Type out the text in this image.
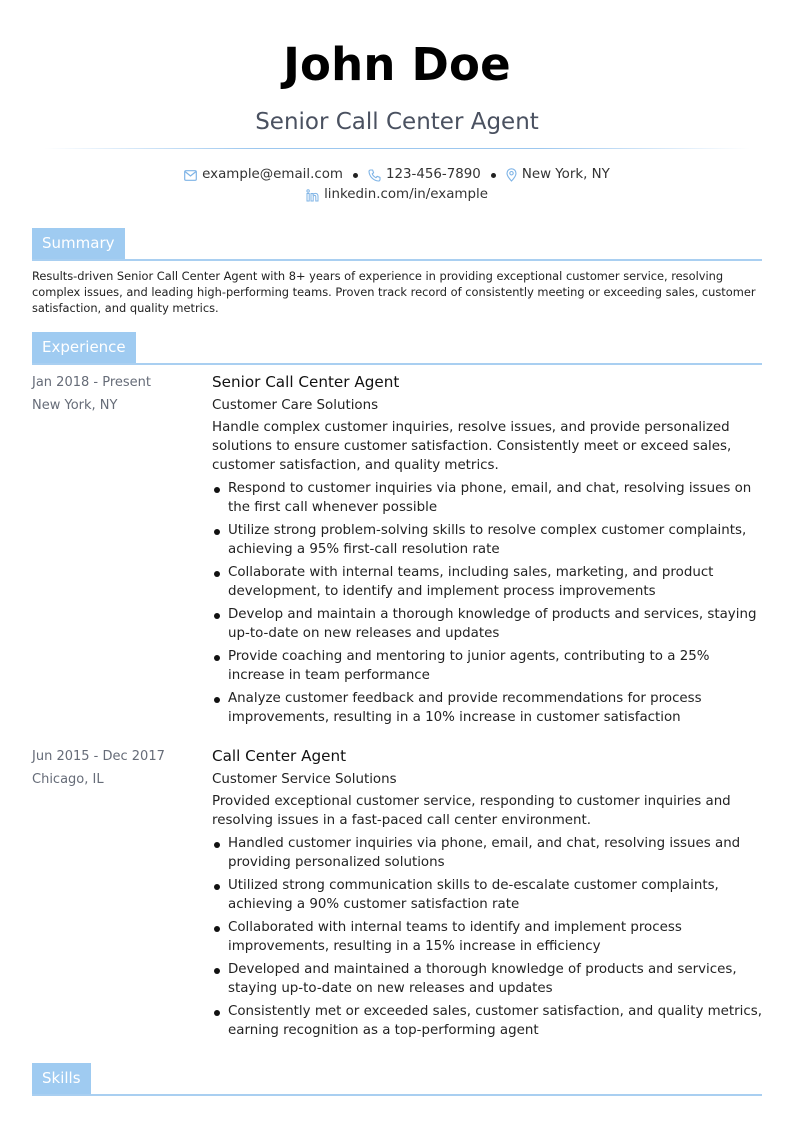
John Doe
Senior Call Center Agent
example@email.com	123-456-7890	New York, NY
linkedin.com/in/example
Summary
Results-driven Senior Call Center Agent with 8+ years of experience in providing exceptional customer service, resolving complex issues, and leading high-performing teams. Proven track record of consistently meeting or exceeding sales, customer satisfaction, and quality metrics.
Experience
Jan 2018 - Present
New York, NY
Senior Call Center Agent
Customer Care Solutions
Handle complex customer inquiries, resolve issues, and provide personalized solutions to ensure customer satisfaction. Consistently meet or exceed sales, customer satisfaction, and quality metrics.
Respond to customer inquiries via phone, email, and chat, resolving issues on the first call whenever possible
Utilize strong problem-solving skills to resolve complex customer complaints, achieving a 95% first-call resolution rate
Collaborate with internal teams, including sales, marketing, and product development, to identify and implement process improvements
Develop and maintain a thorough knowledge of products and services, staying up-to-date on new releases and updates
Provide coaching and mentoring to junior agents, contributing to a 25% increase in team performance
Analyze customer feedback and provide recommendations for process improvements, resulting in a 10% increase in customer satisfaction
Jun 2015 - Dec 2017
Chicago, IL
Call Center Agent
Customer Service Solutions
Provided exceptional customer service, responding to customer inquiries and resolving issues in a fast-paced call center environment.
Handled customer inquiries via phone, email, and chat, resolving issues and providing personalized solutions
Utilized strong communication skills to de-escalate customer complaints, achieving a 90% customer satisfaction rate
Collaborated with internal teams to identify and implement process improvements, resulting in a 15% increase in efficiency
Developed and maintained a thorough knowledge of products and services, staying up-to-date on new releases and updates
Consistently met or exceeded sales, customer satisfaction, and quality metrics, earning recognition as a top-performing agent
Skills
